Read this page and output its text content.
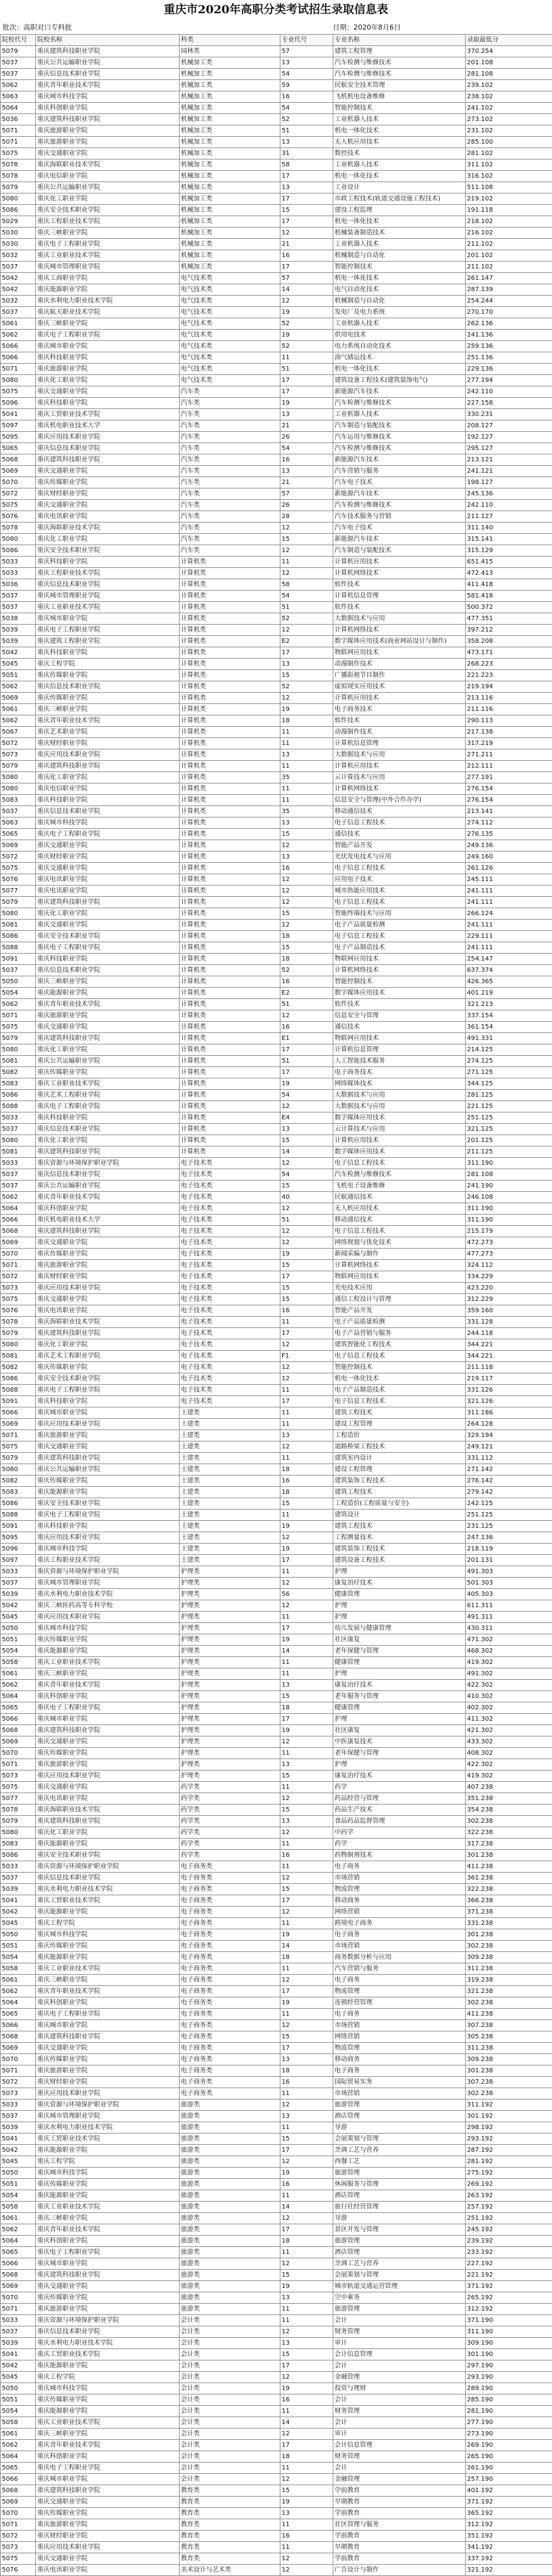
重庆市2020年高职分类考试招生录取信息表
批次：高职对口专科批	日期：2020年8月6日
院校代号	院校名称	科类	专业代号	专业名称	录取最低分
5079	重庆建筑科技职业学院	园林类	57	建筑工程管理	370.254
5037	重庆公共运输职业学院	机械加工类	13	汽车检测与维修技术	201.108
5037	重庆信息技术职业学院	机械加工类	54	汽车检测与维修技术	281.108
5062	重庆青年职业技术学院	机械加工类	59	民航安全技术管理	239.102
5063	重庆城市科技学院	机械加工类	16	飞机机电设备维修	238.102
5064	重庆科创职业学院	机械加工类	54	智能控制技术	241.102
5036	重庆建筑科技职业学院	机械加工类	52	工业机器人技术	273.102
5071	重庆旅游职业学院	机械加工类	51	机电一体化技术	231.102
5071	重庆旅游职业学院	机械加工类	13	无人机应用技术	285.100
5075	重庆交通职业学院	机械加工类	31	数控技术	281.102
5078	重庆海联职业技术学院	机械加工类	58	工业机器人技术	311.102
5078	重庆电信职业学院	机械加工类	17	机电一体化技术	316.102
5079	重庆公共运输职业学院	机械加工类	13	工业设计	511.108
5080	重庆化工职业学院	机械加工类	17	市政工程技术(轨道交通设施工程技术)	219.102
5086	重庆安全技术职业学院	机械加工类	15	建设工程监理	191.118
5029	重庆工程职业技术学院	机械加工类	17	机电一体化技术	218.102
5030	重庆三峡职业学院	机械加工类	12	机械装备制造技术	216.102
5030	重庆电子工程职业学院	机械加工类	21	工业机器人技术	211.102
5032	重庆工业职业技术学院	机械加工类	16	机械制造与自动化	201.102
5037	重庆城市管理职业学院	机械加工类	17	智能控制技术	211.102
5042	重庆工商职业学院	电气技术类	57	机电一体化技术	261.147
5042	重庆能源职业学院	电气技术类	14	电气自动化技术	287.139
5032	重庆水利电力职业技术学院	电气技术类	12	机械制造与自动化	254.244
5037	重庆航天职业技术学院	电气技术类	19	发电厂及电力系统	270.170
5061	重庆三峡职业学院	电气技术类	52	工业机器人技术	262.136
5062	重庆电子工程职业学院	电气技术类	19	供用电技术	241.136
5066	重庆城市职业学院	电气技术类	52	电力系统自动化技术	259.136
5066	重庆科技职业学院	电气技术类	11	油气储运技术	251.136
5071	重庆旅游职业学院	电气技术类	51	机电一体化技术	229.136
5080	重庆化工职业学院	电气技术类	17	建筑设备工程技术(建筑装饰电气)	277.194
5075	重庆交通职业学院	汽车类	17	新能源汽车技术	242.110
5096	重庆科技职业学院	汽车类	19	汽车检测与维修技术	227.158
5041	重庆工贸职业技术学院	汽车类	13	工业机器人技术	330.231
5097	重庆机电职业技术大学	汽车类	21	汽车制造与装配技术	208.127
5095	重庆应用技术职业学院	汽车类	26	汽车运用与维修技术	192.127
5065	重庆信息技术职业学院	汽车类	54	汽车检测与维修技术	295.127
5068	重庆建筑科技职业学院	汽车类	16	新能源汽车技术	213.121
5069	重庆交通职业学院	汽车类	13	汽车营销与服务	241.121
5070	重庆传媒职业学院	汽车类	21	汽车电子技术	198.127
5072	重庆财经职业学院	汽车类	57	新能源汽车技术	245.136
5075	重庆交通职业学院	汽车类	26	汽车检测与维修技术	242.110
5076	重庆电讯职业学院	汽车类	28	汽车技术服务与营销	211.127
5078	重庆海联职业技术学院	汽车类	12	汽车电子技术	311.140
5080	重庆化工职业学院	汽车类	15	新能源汽车技术	315.141
5086	重庆安全技术职业学院	汽车类	12	汽车制造与装配技术	315.129
5033	重庆科技职业学院	计算机类	11	计算机应用技术	651.415
5033	重庆工程职业技术学院	计算机类	12	计算机网络技术	472.413
5036	重庆信息技术职业学院	计算机类	58	软件技术	411.418
5037	重庆城市管理职业学院	计算机类	54	计算机信息管理	581.418
5037	重庆工业职业技术学院	计算机类	51	软件技术	500.372
5038	重庆城市职业学院	计算机类	52	大数据技术与应用	477.351
5039	重庆电子工程职业学院	计算机类	12	计算机网络技术	397.212
5039	重庆建筑工程职业学院	计算机类	E2	数字媒体应用技术(商业网站设计与制作)	358.208
5042	重庆科技职业学院	计算机类	17	物联网应用技术	473.171
5045	重庆工程学院	计算机类	13	动漫制作技术	268.223
5051	重庆传媒职业学院	计算机类	15	广播影视节目制作	221.223
5062	重庆信息技术职业学院	计算机类	52	虚拟现实应用技术	219.194
5069	重庆传媒职业学院	计算机类	12	计算机应用技术	213.116
5061	重庆三峡职业学院	计算机类	19	电子商务技术	211.116
5062	重庆青年职业技术学院	计算机类	18	软件技术	290.113
5067	重庆艺术职业学院	计算机类	11	动漫制作技术	217.138
5072	重庆财经职业学院	计算机类	11	计算机信息管理	317.219
5073	重庆应用技术职业学院	计算机类	13	大数据技术与应用	271.211
5079	重庆建筑科技职业学院	计算机类	11	计算机应用技术	212.111
5080	重庆化工职业学院	计算机类	35	云计算技术与应用	277.191
5080	重庆电信职业学院	计算机类	11	计算机网络技术	276.154
5083	重庆科技职业学院	计算机类	11	信息安全与管理(中外合作办学)	276.154
5037	重庆信息技术职业学院	计算机类	35	移动通信技术	213.141
5063	重庆城市科技学院	计算机类	13	电子信息工程技术	274.112
5065	重庆电子工程职业学院	计算机类	15	通信技术	276.135
5069	重庆交通职业学院	计算机类	12	智能产品开发	249.136
5072	重庆财经职业学院	计算机类	13	光伏发电技术与应用	249.160
5075	重庆交通职业学院	计算机类	16	电子信息工程技术	261.126
5076	重庆电讯职业学院	计算机类	12	应用电子技术	245.111
5077	重庆电讯职业学院	计算机类	12	城市热能应用技术	241.111
5079	重庆建筑科技职业学院	计算机类	12	电子信息工程技术	241.111
5080	重庆化工职业学院	计算机类	15	智能终端技术与应用	266.124
5081	重庆交通职业学院	计算机类	12	电子产品质量检测	241.111
5086	重庆安全技术职业学院	计算机类	18	电子信息工程技术	229.111
5088	重庆电子工程职业学院	计算机类	15	电子产品制造技术	241.111
5091	重庆科技职业学院	计算机类	18	物联网应用技术	254.147
5037	重庆信息技术职业学院	计算机类	52	计算机网络技术	637.374
5050	重庆三峡职业学院	计算机类	16	智能控制技术	426.365
5054	重庆能源职业学院	计算机类	E2	数字媒体应用技术	401.219
5062	重庆青年职业技术学院	计算机类	51	软件技术	321.213
5071	重庆旅游职业学院	计算机类	12	信息安全与管理	337.154
5075	重庆交通职业学院	计算机类	16	通信技术	361.154
5079	重庆建筑科技职业学院	计算机类	E1	物联网应用技术	491.331
5080	重庆化工职业学院	计算机类	17	计算机信息管理	214.125
5081	重庆公共运输职业学院	计算机类	51	人工智能技术服务	274.125
5082	重庆传媒职业学院	计算机类	17	电子商务技术	271.125
5083	重庆工业职业技术学院	计算机类	19	网络媒体技术	344.125
5086	重庆艺术工程职业学院	计算机类	54	大数据技术与应用	281.125
5088	重庆电子工程职业学院	计算机类	12	大数据技术与应用	221.125
5033	重庆科技职业学院	计算机类	E4	数字媒体应用技术	251.125
5037	重庆信息技术职业学院	计算机类	13	云计算技术与应用	321.125
5080	重庆化工职业学院	计算机类	15	计算机应用技术	201.125
5081	重庆建筑科技职业学院	计算机类	14	数字媒体应用技术	211.125
5033	重庆资源与环境保护职业学院	电子技术类	12	电子信息工程技术	311.190
5037	重庆信息技术职业学院	电子技术类	54	汽车检测与维修技术	281.108
5037	重庆公共运输职业学院	电子技术类	15	飞机电子设备维修	241.190
5062	重庆青年职业技术学院	电子技术类	40	民航通信技术	246.108
5064	重庆科创职业学院	电子技术类	12	无人机应用技术	311.190
5066	重庆机电职业技术大学	电子技术类	51	移动通信技术	311.190
5068	重庆建筑科技职业学院	电子技术类	12	电子信息工程技术	215.179
5069	重庆交通职业学院	电子技术类	12	网络规划与优化技术	472.273
5070	重庆传媒职业学院	电子技术类	19	新闻采编与制作	477.273
5071	重庆旅游职业学院	电子技术类	15	计算机网络技术	324.112
5072	重庆财经职业学院	电子技术类	17	物联网应用技术	334.229
5073	重庆应用技术职业学院	电子技术类	15	光电技术应用	423.220
5075	重庆交通职业学院	电子技术类	15	通信工程设计与管理	312.229
5076	重庆电讯职业学院	电子技术类	16	智能产品开发	359.160
5078	重庆海联职业技术学院	电子技术类	11	电子产品质量检测	331.128
5079	重庆建筑科技职业学院	电子技术类	17	电子产品营销与服务	244.118
5080	重庆化工职业学院	电子技术类	12	建筑智能化工程技术	344.221
5081	重庆艺术工程职业学院	电子技术类	F1	电子信息工程技术	344.221
5082	重庆传媒职业学院	电子技术类	12	智能控制技术	211.118
5086	重庆安全技术职业学院	电子技术类	12	机电一体化技术	219.117
5088	重庆电子工程职业学院	电子技术类	11	电子产品制造技术	331.126
5091	重庆科技职业学院	电子技术类	17	电子信息工程技术	321.126
5066	重庆城市职业学院	土建类	11	建筑工程技术	311.186
5069	重庆应用技术职业学院	土建类	11	建设工程管理	264.128
5071	重庆旅游职业学院	土建类	13	工程造价	329.194
5075	重庆交通职业学院	土建类	12	道路桥梁工程技术	249.121
5079	重庆建筑科技职业学院	土建类	11	建筑室内设计	331.112
5080	重庆公共运输职业学院	土建类	18	建设工程管理	271.142
5082	重庆传媒职业学院	土建类	16	建筑装饰工程技术	276.142
5083	重庆能源职业学院	土建类	18	建筑工程技术	279.142
5086	重庆安全技术职业学院	土建类	15	工程造价(工程质量与安全)	242.125
5088	重庆电子工程职业学院	土建类	11	建筑设计	251.125
5091	重庆科技职业学院	土建类	19	建筑工程技术	231.125
5095	重庆应用技术职业学院	土建类	12	工程测量技术	247.136
5096	重庆城市科技学院	土建类	19	建筑装饰工程技术	218.119
5097	重庆工程职业技术学院	土建类	17	建筑设备工程技术	201.131
5033	重庆资源与环境保护职业学院	护理类	11	护理	491.303
5037	重庆城市管理职业学院	护理类	12	康复治疗技术	501.303
5039	重庆水利电力职业技术学院	护理类	56	健康管理	405.303
5042	重庆三峡医药高等专科学校	护理类	12	护理	611.311
5045	重庆应用技术职业学院	护理类	11	护理	491.311
5050	重庆城市科技学院	护理类	17	幼儿发展与健康管理	430.311
5051	重庆传媒职业学院	护理类	19	社区康复	471.302
5054	重庆能源职业学院	护理类	14	老年保健与管理	468.302
5058	重庆工业职业技术学院	护理类	11	健康管理	419.302
5061	重庆三峡职业学院	护理类	11	护理	491.302
5062	重庆青年职业技术学院	护理类	13	康复治疗技术	422.302
5064	重庆科创职业学院	护理类	15	老年服务与管理	410.302
5065	重庆电子工程职业学院	护理类	18	健康管理	402.302
5066	重庆城市职业学院	护理类	17	护理	411.302
5068	重庆建筑科技职业学院	护理类	19	社区康复	421.302
5069	重庆交通职业学院	护理类	12	中医康复技术	433.302
5070	重庆传媒职业学院	护理类	11	老年保健与管理	408.302
5071	重庆旅游职业学院	护理类	13	护理	422.302
5073	重庆应用技术职业学院	护理类	15	康复治疗技术	419.302
5075	重庆交通职业学院	药学类	11	药学	407.238
5077	重庆电讯职业学院	药学类	12	药品经营与管理	351.238
5078	重庆海联职业技术学院	药学类	15	药品生产技术	354.238
5079	重庆建筑科技职业学院	药学类	13	食品药品监督管理	302.238
5080	重庆化工职业学院	药学类	12	中药学	322.238
5083	重庆能源职业学院	药学类	11	药学	317.238
5086	重庆安全技术职业学院	药学类	16	药物制剂技术	301.238
5033	重庆资源与环境保护职业学院	电子商务类	11	电子商务	411.238
5037	重庆信息技术职业学院	电子商务类	12	市场营销	361.238
5039	重庆水利电力职业技术学院	电子商务类	15	物流管理	322.238
5041	重庆工贸职业技术学院	电子商务类	17	移动商务	366.238
5042	重庆能源职业学院	电子商务类	12	网络营销	371.238
5045	重庆工程学院	电子商务类	11	跨境电子商务	331.238
5050	重庆城市科技学院	电子商务类	19	电子商务	301.238
5051	重庆传媒职业学院	电子商务类	14	市场营销	302.238
5054	重庆能源职业学院	电子商务类	18	商务数据分析与应用	309.238
5058	重庆工业职业技术学院	电子商务类	11	汽车营销与服务	311.238
5061	重庆三峡职业学院	电子商务类	12	电子商务	319.238
5062	重庆青年职业技术学院	电子商务类	17	物流管理	321.238
5064	重庆科创职业学院	电子商务类	19	连锁经营管理	302.238
5065	重庆电子工程职业学院	电子商务类	11	电子商务	411.238
5066	重庆城市职业学院	电子商务类	12	市场营销	307.238
5068	重庆建筑科技职业学院	电子商务类	15	网络营销	305.238
5069	重庆交通职业学院	电子商务类	17	物流管理	311.238
5070	重庆传媒职业学院	电子商务类	13	移动商务	309.238
5071	重庆旅游职业学院	电子商务类	18	电子商务	301.238
5072	重庆财经职业学院	电子商务类	16	国际贸易实务	307.238
5073	重庆应用技术职业学院	电子商务类	11	市场营销	302.238
5033	重庆资源与环境保护职业学院	旅游类	12	旅游管理	311.192
5037	重庆城市管理职业学院	旅游类	13	酒店管理	301.192
5039	重庆水利电力职业技术学院	旅游类	11	导游	298.192
5041	重庆工贸职业技术学院	旅游类	15	会展策划与管理	293.192
5042	重庆能源职业学院	旅游类	17	烹调工艺与营养	287.192
5045	重庆工程学院	旅游类	12	西餐工艺	281.192
5050	重庆城市科技学院	旅游类	19	旅游管理	275.192
5051	重庆传媒职业学院	旅游类	16	休闲服务与管理	269.192
5054	重庆能源职业学院	旅游类	11	酒店管理	263.192
5058	重庆工业职业技术学院	旅游类	14	旅行社经营管理	257.192
5061	重庆三峡职业学院	旅游类	12	导游	251.192
5062	重庆青年职业技术学院	旅游类	17	景区开发与管理	245.192
5064	重庆科创职业学院	旅游类	18	旅游管理	239.192
5065	重庆电子工程职业学院	旅游类	11	酒店管理	233.192
5066	重庆城市职业学院	旅游类	12	烹调工艺与营养	227.192
5068	重庆建筑科技职业学院	旅游类	15	会展策划与管理	221.192
5069	重庆交通职业学院	旅游类	19	城市轨道交通运营管理	371.192
5070	重庆传媒职业学院	旅游类	13	空中乘务	265.192
5071	重庆旅游职业学院	旅游类	11	旅游管理	312.192
5033	重庆资源与环境保护职业学院	会计类	11	会计	371.190
5037	重庆信息技术职业学院	会计类	12	财务管理	311.190
5039	重庆水利电力职业技术学院	会计类	13	审计	309.190
5041	重庆工贸职业技术学院	会计类	15	会计信息管理	301.190
5042	重庆能源职业学院	会计类	17	会计	297.190
5045	重庆工程学院	会计类	12	金融管理	293.190
5050	重庆城市科技学院	会计类	19	投资与理财	289.190
5051	重庆传媒职业学院	会计类	16	会计	285.190
5054	重庆能源职业学院	会计类	11	财务管理	281.190
5058	重庆工业职业技术学院	会计类	14	会计	277.190
5061	重庆三峡职业学院	会计类	12	审计	273.190
5062	重庆青年职业技术学院	会计类	17	会计信息管理	269.190
5064	重庆科创职业学院	会计类	18	财务管理	265.190
5065	重庆电子工程职业学院	会计类	11	会计	261.190
5066	重庆城市职业学院	会计类	12	金融管理	257.190
5068	重庆建筑科技职业学院	教育类	15	学前教育	401.192
5069	重庆交通职业学院	教育类	19	早期教育	371.192
5070	重庆传媒职业学院	教育类	13	学前教育	365.192
5071	重庆旅游职业学院	教育类	11	社区管理与服务	312.192
5072	重庆财经职业学院	教育类	16	学前教育	351.192
5073	重庆应用技术职业学院	教育类	11	早期教育	341.192
5075	重庆交通职业学院	教育类	12	学前教育	337.192
5076	重庆电讯职业学院	美术设计与艺术类	12	广告设计与制作	321.192
